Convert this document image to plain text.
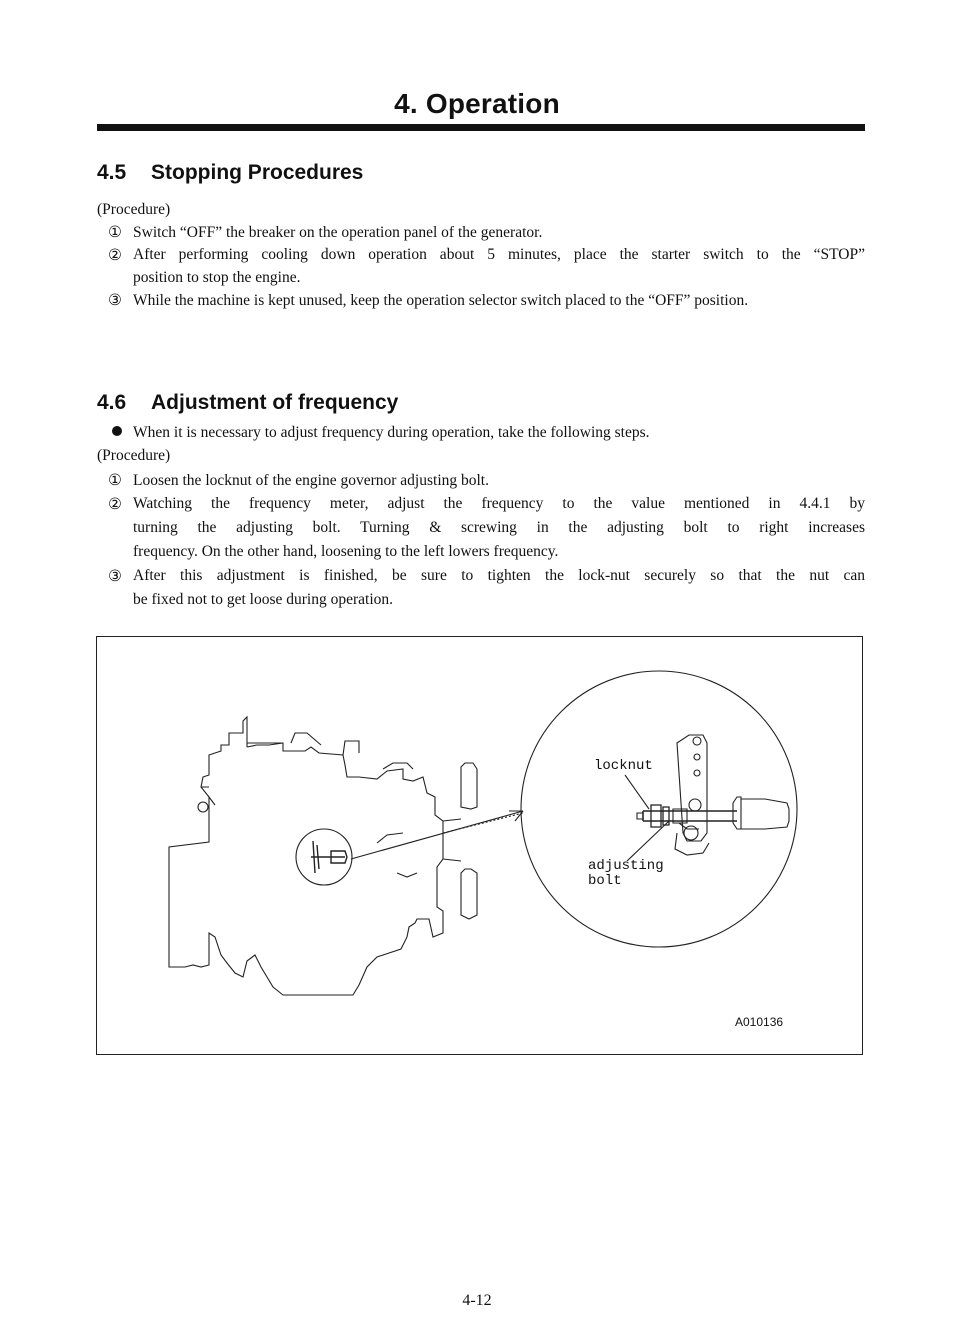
4. Operation
4.5 Stopping Procedures
(Procedure)
① Switch “OFF” the breaker on the operation panel of the generator.
② After performing cooling down operation about 5 minutes, place the starter switch to the “STOP”
position to stop the engine.
③ While the machine is kept unused, keep the operation selector switch placed to the “OFF” position.
4.6 Adjustment of frequency
When it is necessary to adjust frequency during operation, take the following steps.
(Procedure)
① Loosen the locknut of the engine governor adjusting bolt.
② Watching the frequency meter, adjust the frequency to the value mentioned in 4.4.1 by
turning the adjusting bolt. Turning & screwing in the adjusting bolt to right increases
frequency. On the other hand, loosening to the left lowers frequency.
③ After this adjustment is finished, be sure to tighten the lock-nut securely so that the nut can
be fixed not to get loose during operation.
locknut
adjusting
bolt
A010136
4-12
